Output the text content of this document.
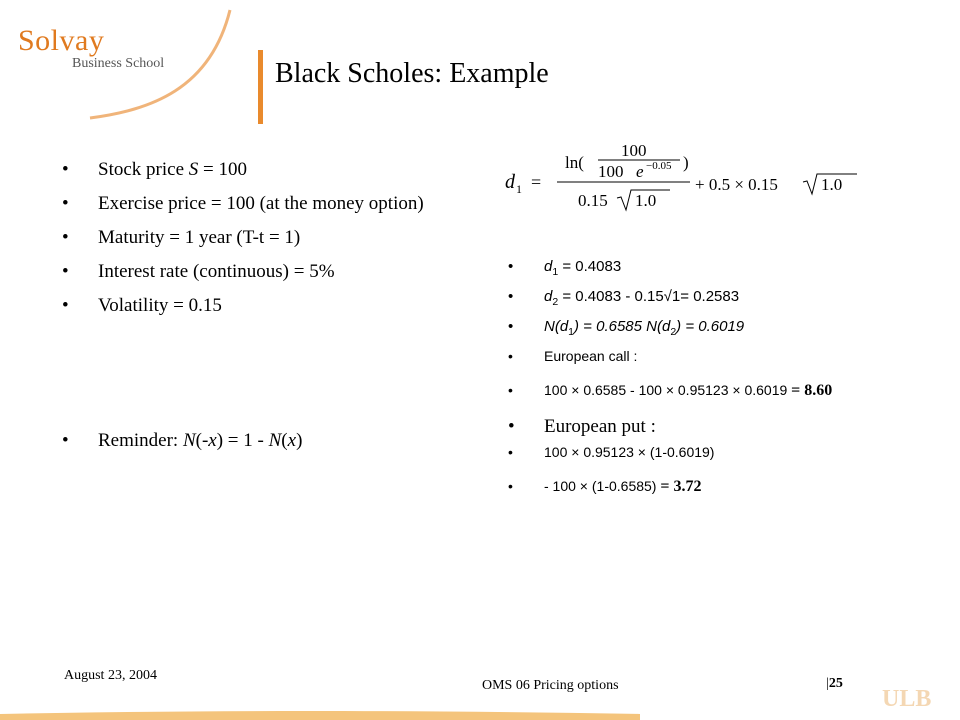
Solvay
Business School	Black Scholes: Example
• Stock price S = 100
• Exercise price = 100 (at the money option)
• Maturity = 1 year (T-t = 1)
• Interest rate (continuous) = 5%
• Volatility = 0.15
• Reminder: N(-x) = 1 - N(x)
d 1 =
ln(
100
100 e −0.05 )
0.15 1.0
+ 0.5 × 0.15	1.0
• $d_1 = 0.4083$
• $d_2 = 0.4083 - 0.15√1= 0.2583$
• $N(d_1) = 0.6585$ $N(d_2) = 0.6019$
• European call :
• 100 × 0.6585 - 100 × 0.95123 × 0.6019 = 8.60
• European put :
• 100 × 0.95123 × (1-0.6019)
• - 100 × (1-0.6585) = 3.72
August 23, 2004
OMS 06 Pricing options	|25
ULB
